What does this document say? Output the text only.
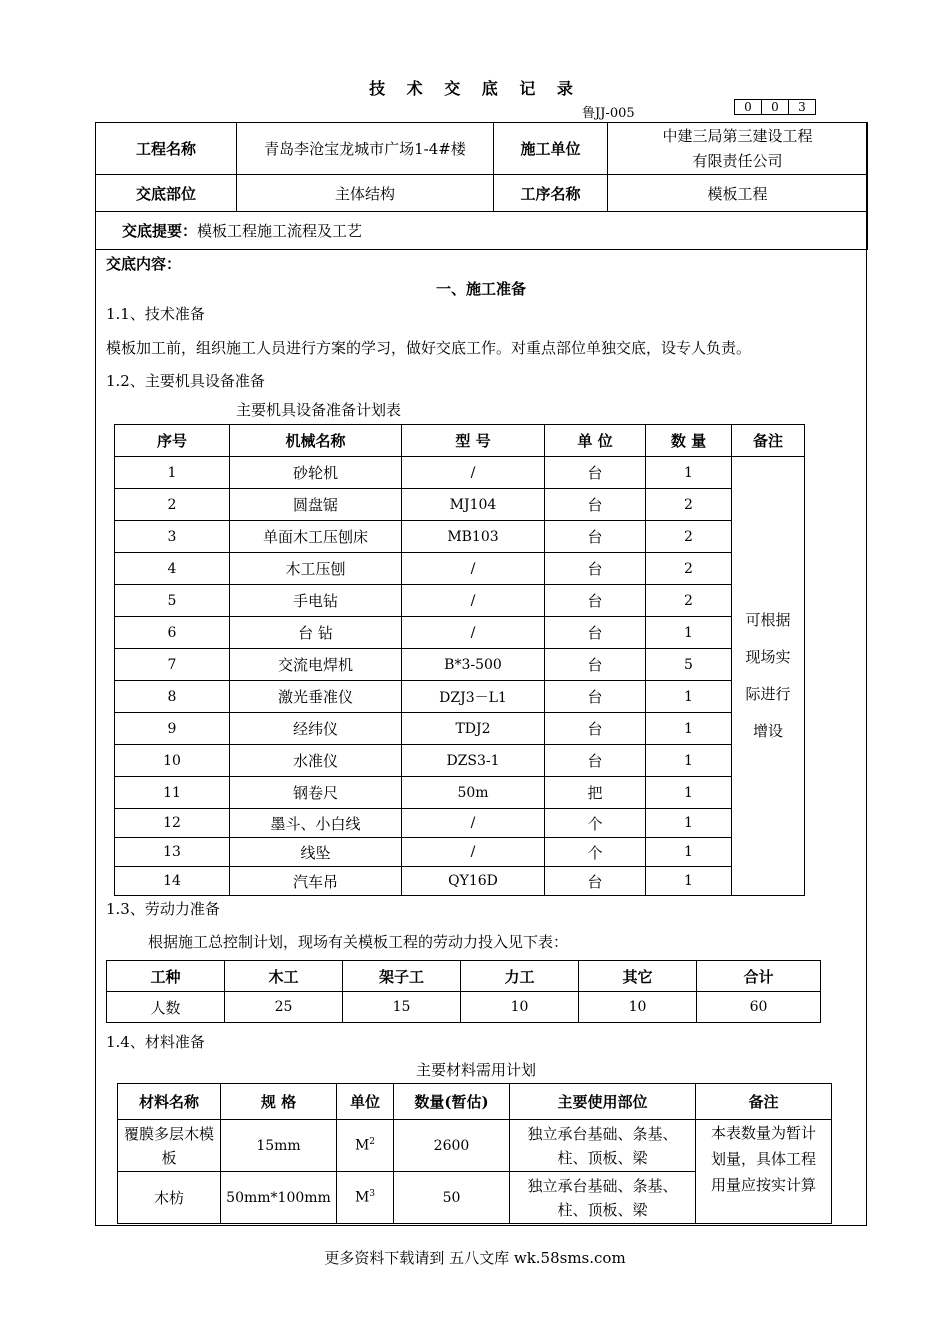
技 术 交 底 记 录
鲁JJ-005	0	0	3
工程名称	青岛李沧宝龙城市广场1-4#楼	施工单位	中建三局第三建设工程
有限责任公司

交底部位	主体结构	工序名称	模板工程
交底提要：模板工程施工流程及工艺			
交底内容：
一、施工准备
1.1、技术准备
模板加工前，组织施工人员进行方案的学习，做好交底工作。对重点部位单独交底，设专人负责。
1.2、主要机具设备准备
主要机具设备准备计划表
序号	机械名称	型 号	单 位	数 量	备注
1	砂轮机	/	台	1	可根据
现场实
际进行
增设

2	圆盘锯	MJ104	台	2	
3	单面木工压刨床	MB103	台	2	
4	木工压刨	/	台	2	
5	手电钻	/	台	2	
6	台 钻	/	台	1	
7	交流电焊机	B*3-500	台	5	
8	激光垂准仪	DZJ3－L1	台	1	
9	经纬仪	TDJ2	台	1	
10	水准仪	DZS3-1	台	1	
11	钢卷尺	50m	把	1	
12	墨斗、小白线	/	个	1	
13	线坠	/	个	1	
14	汽车吊	QY16D	台	1	
1.3、劳动力准备
根据施工总控制计划，现场有关模板工程的劳动力投入见下表：
工种	木工	架子工	力工	其它	合计
人数	25	15	10	10	60
1.4、材料准备
主要材料需用计划
材料名称	规 格	单位	数量(暂估)	主要使用部位	备注
覆膜多层木模板	15mm	$M^2$	2600	独立承台基础、条基、柱、顶板、梁	本表数量为暂计划量，具体工程用量应按实计算
木枋	50mm*100mm	$M^3$	50	独立承台基础、条基、柱、顶板、梁	
更多资料下载请到 五八文库 wk.58sms.com
